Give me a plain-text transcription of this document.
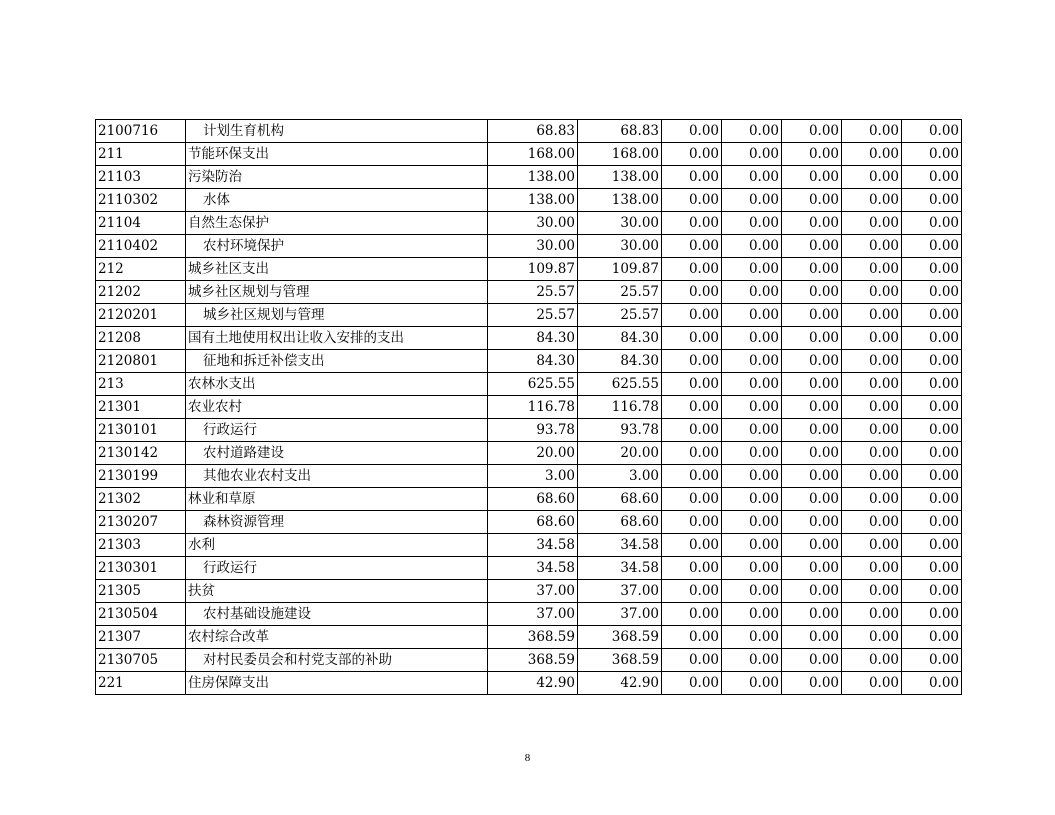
2100716	计划生育机构	68.83	68.83	0.00	0.00	0.00	0.00	0.00
211	节能环保支出	168.00	168.00	0.00	0.00	0.00	0.00	0.00
21103	污染防治	138.00	138.00	0.00	0.00	0.00	0.00	0.00
2110302	水体	138.00	138.00	0.00	0.00	0.00	0.00	0.00
21104	自然生态保护	30.00	30.00	0.00	0.00	0.00	0.00	0.00
2110402	农村环境保护	30.00	30.00	0.00	0.00	0.00	0.00	0.00
212	城乡社区支出	109.87	109.87	0.00	0.00	0.00	0.00	0.00
21202	城乡社区规划与管理	25.57	25.57	0.00	0.00	0.00	0.00	0.00
2120201	城乡社区规划与管理	25.57	25.57	0.00	0.00	0.00	0.00	0.00
21208	国有土地使用权出让收入安排的支出	84.30	84.30	0.00	0.00	0.00	0.00	0.00
2120801	征地和拆迁补偿支出	84.30	84.30	0.00	0.00	0.00	0.00	0.00
213	农林水支出	625.55	625.55	0.00	0.00	0.00	0.00	0.00
21301	农业农村	116.78	116.78	0.00	0.00	0.00	0.00	0.00
2130101	行政运行	93.78	93.78	0.00	0.00	0.00	0.00	0.00
2130142	农村道路建设	20.00	20.00	0.00	0.00	0.00	0.00	0.00
2130199	其他农业农村支出	3.00	3.00	0.00	0.00	0.00	0.00	0.00
21302	林业和草原	68.60	68.60	0.00	0.00	0.00	0.00	0.00
2130207	森林资源管理	68.60	68.60	0.00	0.00	0.00	0.00	0.00
21303	水利	34.58	34.58	0.00	0.00	0.00	0.00	0.00
2130301	行政运行	34.58	34.58	0.00	0.00	0.00	0.00	0.00
21305	扶贫	37.00	37.00	0.00	0.00	0.00	0.00	0.00
2130504	农村基础设施建设	37.00	37.00	0.00	0.00	0.00	0.00	0.00
21307	农村综合改革	368.59	368.59	0.00	0.00	0.00	0.00	0.00
2130705	对村民委员会和村党支部的补助	368.59	368.59	0.00	0.00	0.00	0.00	0.00
221	住房保障支出	42.90	42.90	0.00	0.00	0.00	0.00	0.00
8
